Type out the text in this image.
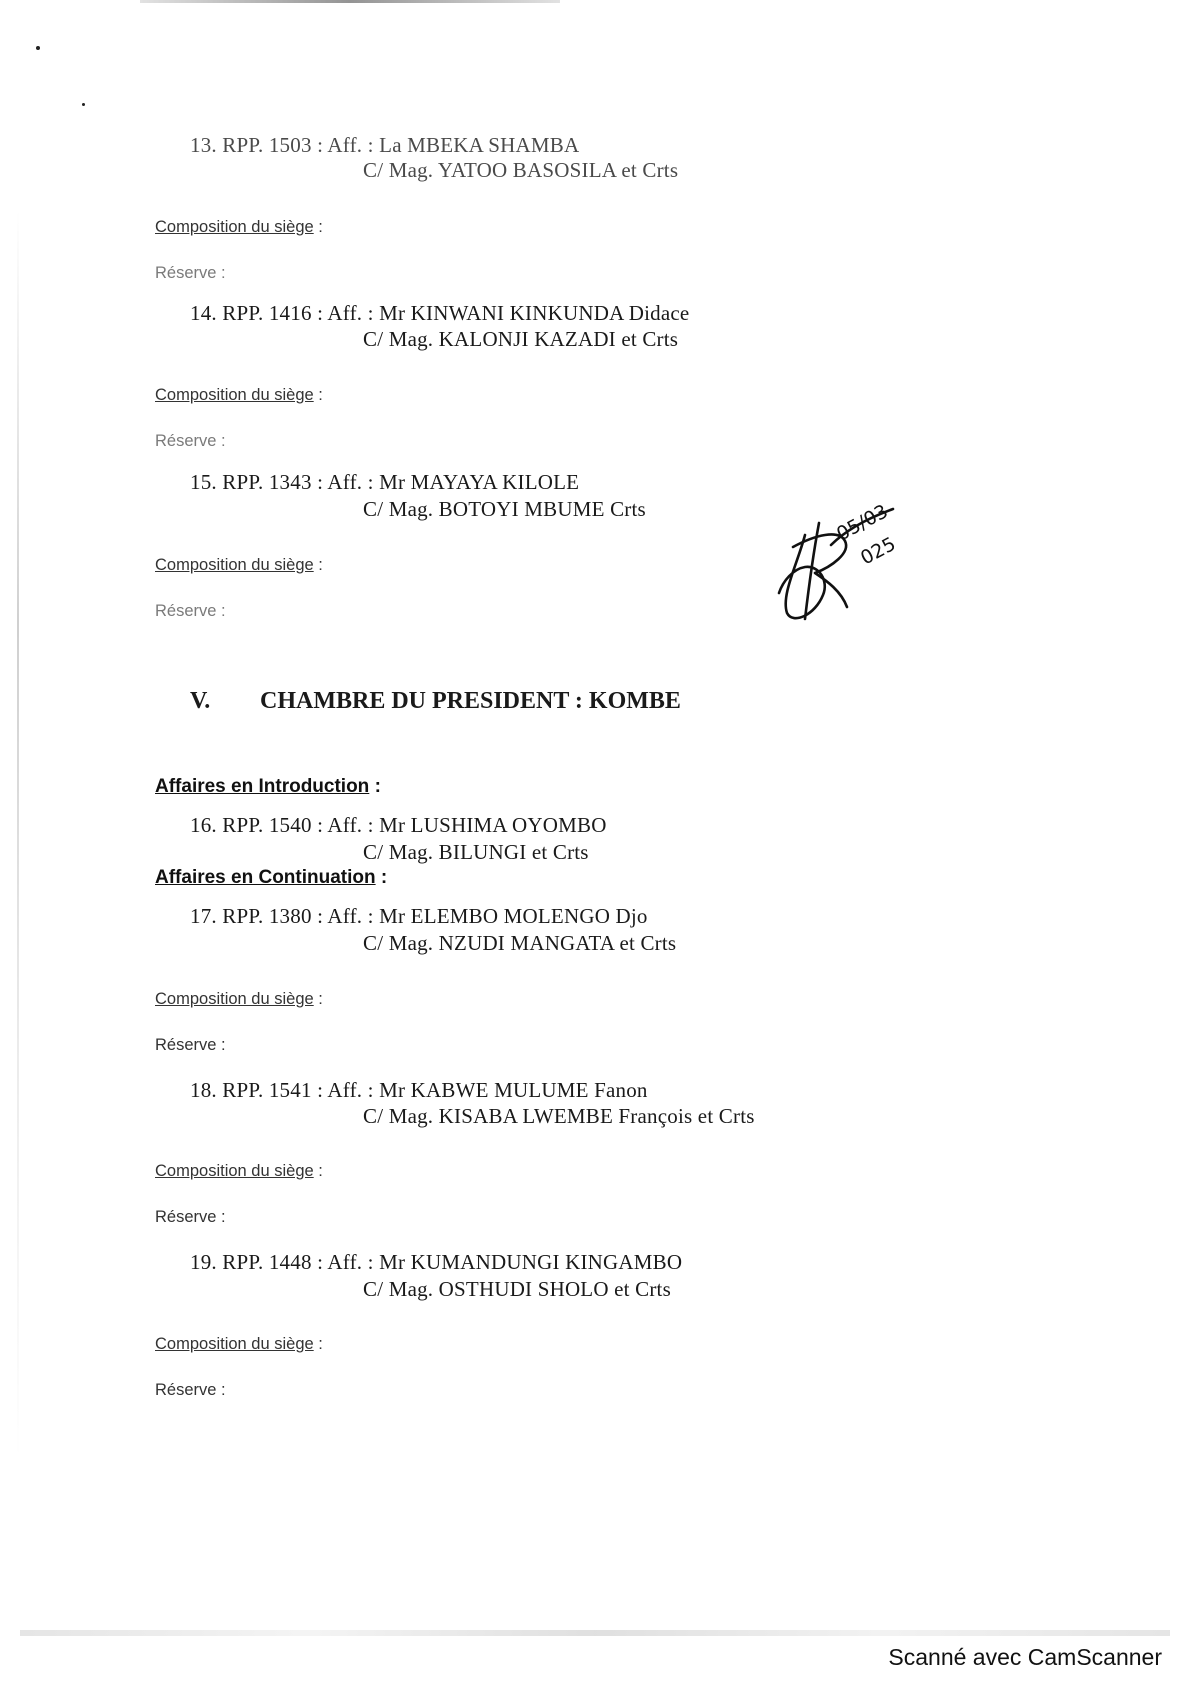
13. RPP. 1503 : Aff. : La MBEKA SHAMBA
C/ Mag. YATOO BASOSILA et Crts
Composition du siège :
Réserve :
14. RPP. 1416 : Aff. : Mr KINWANI KINKUNDA Didace
C/ Mag. KALONJI KAZADI et Crts
Composition du siège :
Réserve :
15. RPP. 1343 : Aff. : Mr MAYAYA KILOLE
C/ Mag. BOTOYI MBUME Crts
Composition du siège :
Réserve :
05/03
025
V. CHAMBRE DU PRESIDENT : KOMBE
Affaires en Introduction :
16. RPP. 1540 : Aff. : Mr LUSHIMA OYOMBO
C/ Mag. BILUNGI et Crts
Affaires en Continuation :
17. RPP. 1380 : Aff. : Mr ELEMBO MOLENGO Djo
C/ Mag. NZUDI MANGATA et Crts
Composition du siège :
Réserve :
18. RPP. 1541 : Aff. : Mr KABWE MULUME Fanon
C/ Mag. KISABA LWEMBE François et Crts
Composition du siège :
Réserve :
19. RPP. 1448 : Aff. : Mr KUMANDUNGI KINGAMBO
C/ Mag. OSTHUDI SHOLO et Crts
Composition du siège :
Réserve :
Scanné avec CamScanner
